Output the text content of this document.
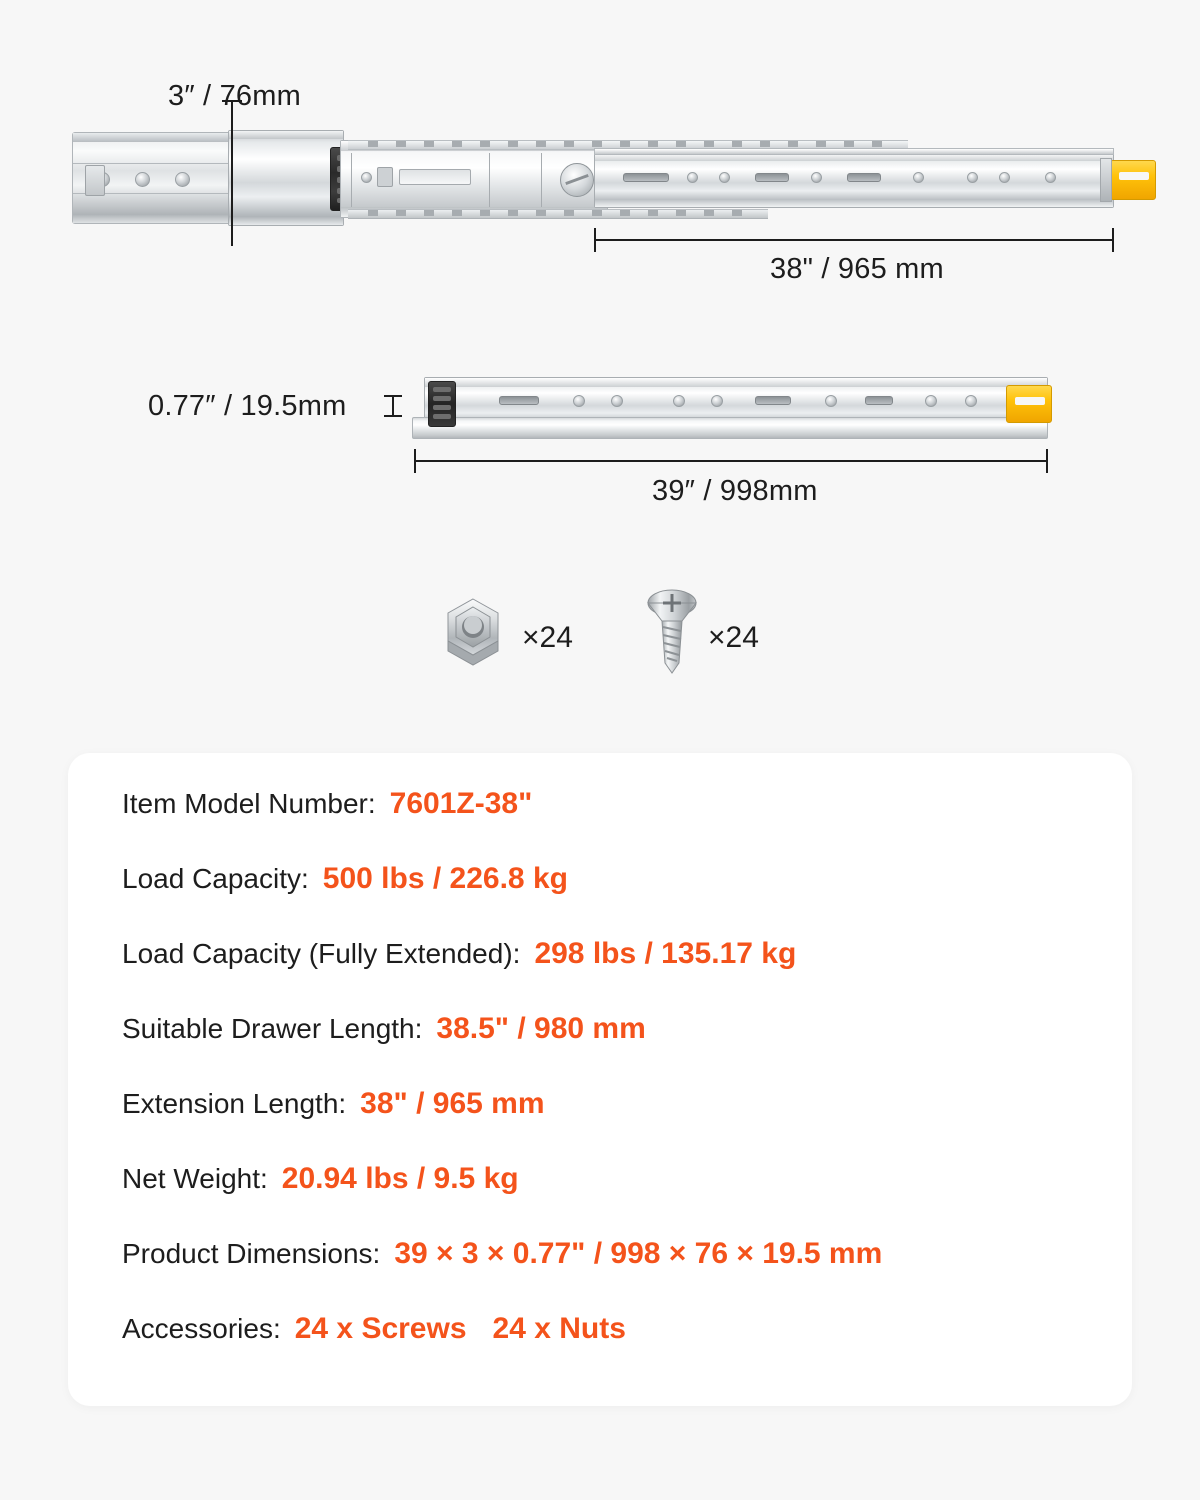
3″ / 76mm
38" / 965 mm
0.77″ / 19.5mm
39″ / 998mm
×24	×24
Item Model Number: 7601Z-38"
Load Capacity: 500 lbs / 226.8 kg
Load Capacity (Fully Extended): 298 lbs / 135.17 kg
Suitable Drawer Length: 38.5" / 980 mm
Extension Length: 38" / 965 mm
Net Weight: 20.94 lbs / 9.5 kg
Product Dimensions: 39 × 3 × 0.77" / 998 × 76 × 19.5 mm
Accessories: 24 x Screws 24 x Nuts
